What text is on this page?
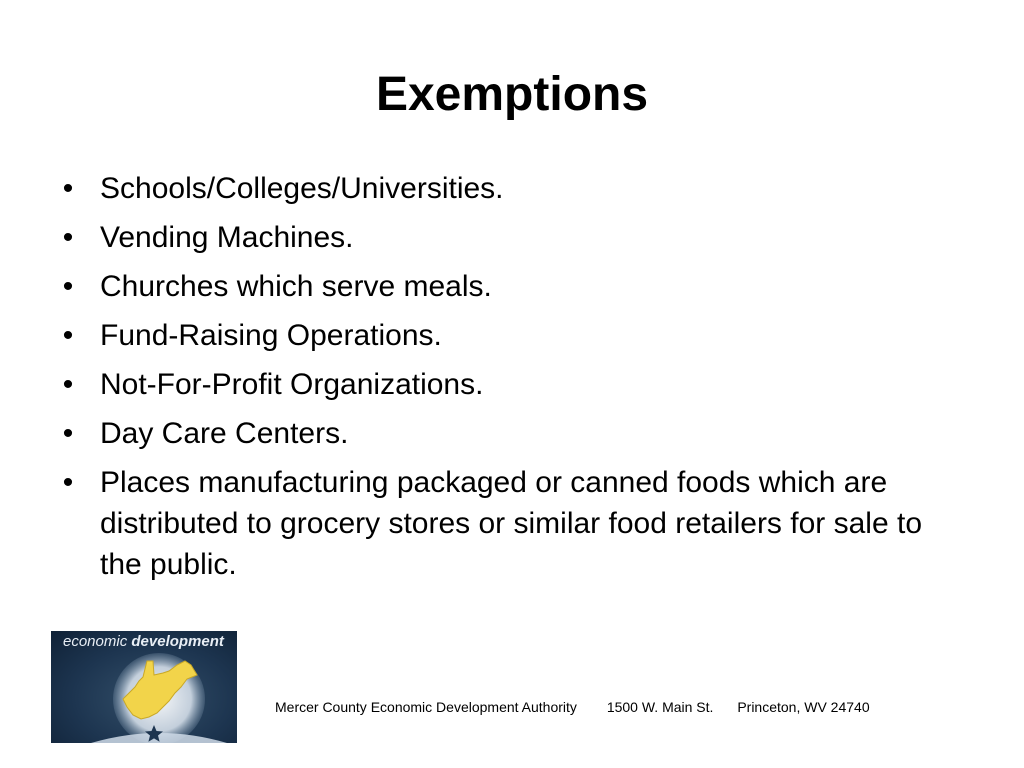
Exemptions
• Schools/Colleges/Universities.
• Vending Machines.
• Churches which serve meals.
• Fund-Raising Operations.
• Not-For-Profit Organizations.
• Day Care Centers.
• Places manufacturing packaged or canned foods which are distributed to grocery stores or similar food retailers for sale to the public.
economic development
Mercer County Economic Development Authority 1500 W. Main St. Princeton, WV 24740
